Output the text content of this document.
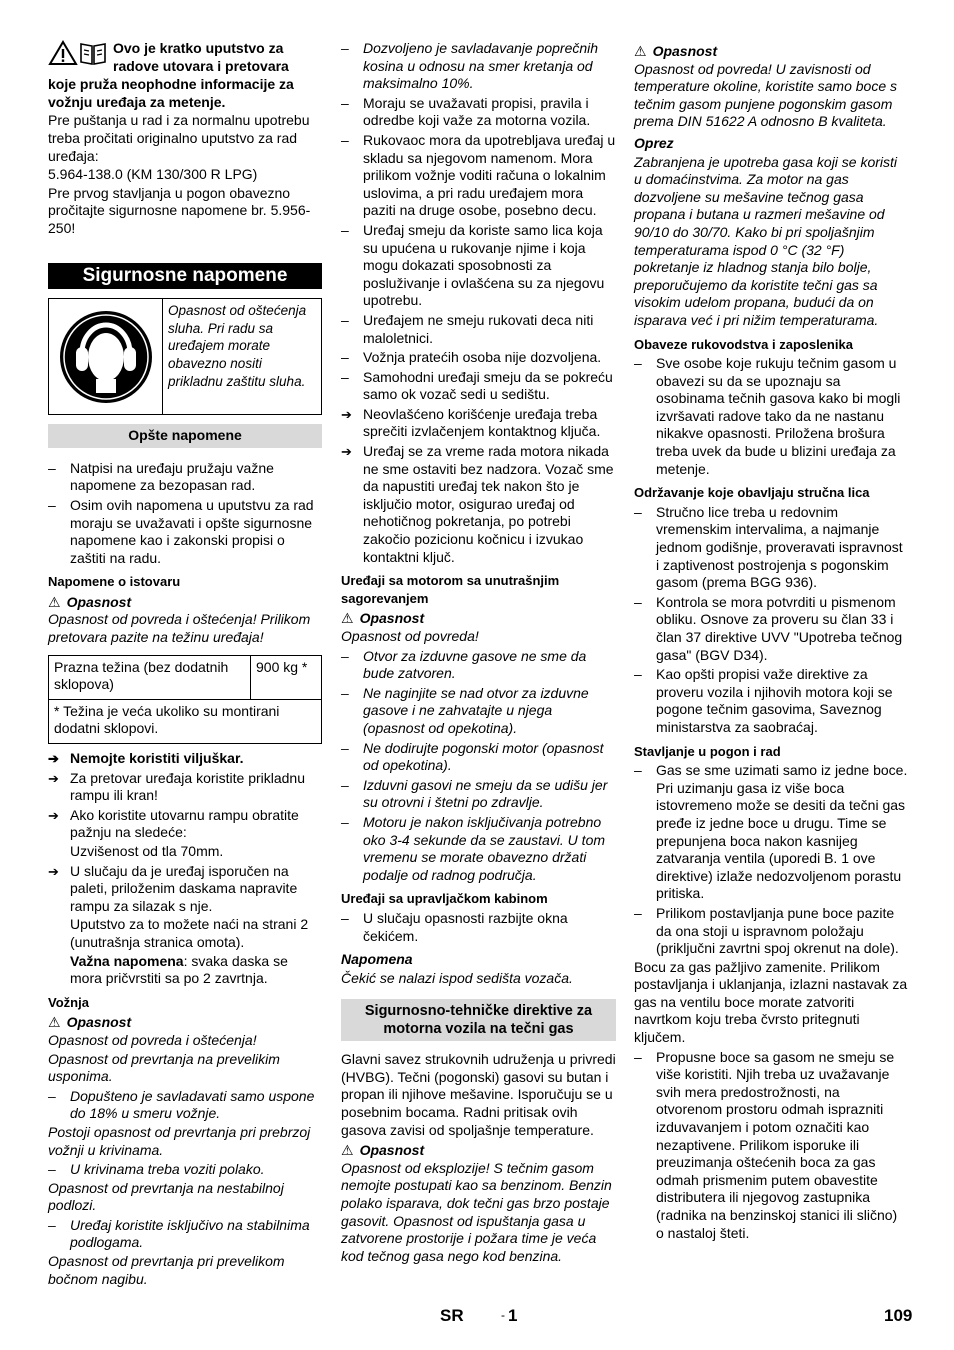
Ovo je kratko uputstvo za radove utovara i pretovara

koje pruža neophodne informacije za vožnju uređaja za metenje.

Pre puštanja u rad i za normalnu upotrebu treba pročitati originalno uputstvo za rad uređaja:

5.964-138.0 (KM 130/300 R LPG)

Pre prvog stavljanja u pogon obavezno pročitajte sigurnosne napomene br. 5.956-250!

Sigurnosne napomene
Opasnost od oštećenja sluha. Pri radu sa uređajem morate obavezno nositi prikladnu zaštitu sluha.
Opšte napomene
– Natpisi na uređaju pružaju važne napomene za bezopasan rad.
– Osim ovih napomena u uputstvu za rad moraju se uvažavati i opšte sigurnosne napomene kao i zakonski propisi o zaštiti na radu.

Napomene o istovaru

⚠ Opasnost

Opasnost od povreda i oštećenja! Prilikom pretovara pazite na težinu uređaja!

Prazna težina (bez dodatnih sklopova)	900 kg *
* Težina je veća ukoliko su montirani dodatni sklopovi.
➔ Nemojte koristiti viljuškar.
➔ Za pretovar uređaja koristite prikladnu rampu ili kran!
➔ Ako koristite utovarnu rampu obratite pažnju na sledeće:

Uzvišenost od tla 70mm.

➔ U slučaju da je uređaj isporučen na paleti, priloženim daskama napravite rampu za silazak s nje.

Uputstvo za to možete naći na strani 2 (unutrašnja stranica omota).

Važna napomena: svaka daska se mora pričvrstiti sa po 2 zavrtnja.

Vožnja

⚠ Opasnost

Opasnost od povreda i oštećenja!

Opasnost od prevrtanja na prevelikim usponima.

– Dopušteno je savladavati samo uspone do 18% u smeru vožnje.

Postoji opasnost od prevrtanja pri prebrzoj vožnji u krivinama.

– U krivinama treba voziti polako.

Opasnost od prevrtanja na nestabilnoj podlozi.

– Uređaj koristite isključivo na stabilnima podlogama.

Opasnost od prevrtanja pri prevelikom bočnom nagibu.

– Dozvoljeno je savladavanje poprečnih kosina u odnosu na smer kretanja od maksimalno 10%.
– Moraju se uvažavati propisi, pravila i odredbe koji važe za motorna vozila.
– Rukovaoc mora da upotrebljava uređaj u skladu sa njegovom namenom. Mora prilikom vožnje voditi računa o lokalnim uslovima, a pri radu uređajem mora paziti na druge osobe, posebno decu.
– Uređaj smeju da koriste samo lica koja su upućena u rukovanje njime i koja mogu dokazati sposobnosti za posluživanje i ovlašćena su za njegovu upotrebu.
– Uređajem ne smeju rukovati deca niti maloletnici.
– Vožnja pratećih osoba nije dozvoljena.
– Samohodni uređaji smeju da se pokreću samo ok vozač sedi u sedištu.
➔ Neovlašćeno korišćenje uređaja treba sprečiti izvlačenjem kontaktnog ključa.
➔ Uređaj se za vreme rada motora nikada ne sme ostaviti bez nadzora. Vozač sme da napustiti uređaj tek nakon što je isključio motor, osigurao uređaj od nehotičnog pokretanja, po potrebi zakočio pozicionu kočnicu i izvukao kontaktni ključ.

Uređaji sa motorom sa unutrašnjim sagorevanjem

⚠ Opasnost

Opasnost od povreda!

– Otvor za izduvne gasove ne sme da bude zatvoren.
– Ne naginjite se nad otvor za izduvne gasove i ne zahvatajte u njega (opasnost od opekotina).
– Ne dodirujte pogonski motor (opasnost od opekotina).
– Izduvni gasovi ne smeju da se udišu jer su otrovni i štetni po zdravlje.
– Motoru je nakon isključivanja potrebno oko 3-4 sekunde da se zaustavi. U tom vremenu se morate obavezno držati podalje od radnog područja.

Uređaji sa upravljačkom kabinom

– U slučaju opasnosti razbijte okna čekićem.

Napomena

Čekić se nalazi ispod sedišta vozača.

Sigurnosno-tehničke direktive za motorna vozila na tečni gas

Glavni savez strukovnih udruženja u privredi (HVBG). Tečni (pogonski) gasovi su butan i propan ili njihove mešavine. Isporučuju se u posebnim bocama. Radni pritisak ovih gasova zavisi od spoljašnje temperature.

⚠ Opasnost

Opasnost od eksplozije! S tečnim gasom nemojte postupati kao sa benzinom. Benzin polako isparava, dok tečni gas brzo postaje gasovit. Opasnost od ispuštanja gasa u zatvorene prostorije i požara time je veća kod tečnog gasa nego kod benzina.

⚠ Opasnost

Opasnost od povreda! U zavisnosti od temperature okoline, koristite samo boce s tečnim gasom punjene pogonskim gasom prema DIN 51622 A odnosno B kvaliteta.

Oprez

Zabranjena je upotreba gasa koji se koristi u domaćinstvima. Za motor na gas dozvoljene su mešavine tečnog gasa propana i butana u razmeri mešavine od 90/10 do 30/70. Kako bi pri spoljašnjim temperaturama ispod 0 °C (32 °F) pokretanje iz hladnog stanja bilo bolje, preporučujemo da koristite tečni gas sa visokim udelom propana, budući da on isparava već i pri nižim temperaturama.

Obaveze rukovodstva i zaposlenika

– Sve osobe koje rukuju tečnim gasom u obavezi su da se upoznaju sa osobinama tečnih gasova kako bi mogli izvršavati radove tako da ne nastanu nikakve opasnosti. Priložena brošura treba uvek da bude u blizini uređaja za metenje.

Održavanje koje obavljaju stručna lica

– Stručno lice treba u redovnim vremenskim intervalima, a najmanje jednom godišnje, proveravati ispravnost i zaptivenost postrojenja s pogonskim gasom (prema BGG 936).
– Kontrola se mora potvrditi u pismenom obliku. Osnove za proveru su član 33 i član 37 direktive UVV "Upotreba tečnog gasa" (BGV D34).
– Kao opšti propisi važe direktive za proveru vozila i njihovih motora koji se pogone tečnim gasovima, Saveznog ministarstva za saobraćaj.

Stavljanje u pogon i rad

– Gas se sme uzimati samo iz jedne boce. Pri uzimanju gasa iz više boca istovremeno može se desiti da tečni gas pređe iz jedne boce u drugu. Time se prepunjena boca nakon kasnijeg zatvaranja ventila (uporedi B. 1 ove direktive) izlaže nedozvoljenom porastu pritiska.
– Prilikom postavljanja pune boce pazite da ona stoji u ispravnom položaju (priključni zavrtni spoj okrenut na dole).

Bocu za gas pažljivo zamenite. Prilikom postavljanja i uklanjanja, izlazni nastavak za gas na ventilu boce morate zatvoriti navrtkom koju treba čvrsto pritegnuti ključem.

– Propusne boce sa gasom ne smeju se više koristiti. Njih treba uz uvažavanje svih mera predostrožnosti, na otvorenom prostoru odmah isprazniti izduvavanjem i potom označiti kao nezaptivene. Prilikom isporuke ili preuzimanja oštećenih boca za gas odmah prismenim putem obavestite distributera ili njegovog zastupnika (radnika na benzinskoj stanici ili slično) o nastaloj šteti.
SR	- 1	109
